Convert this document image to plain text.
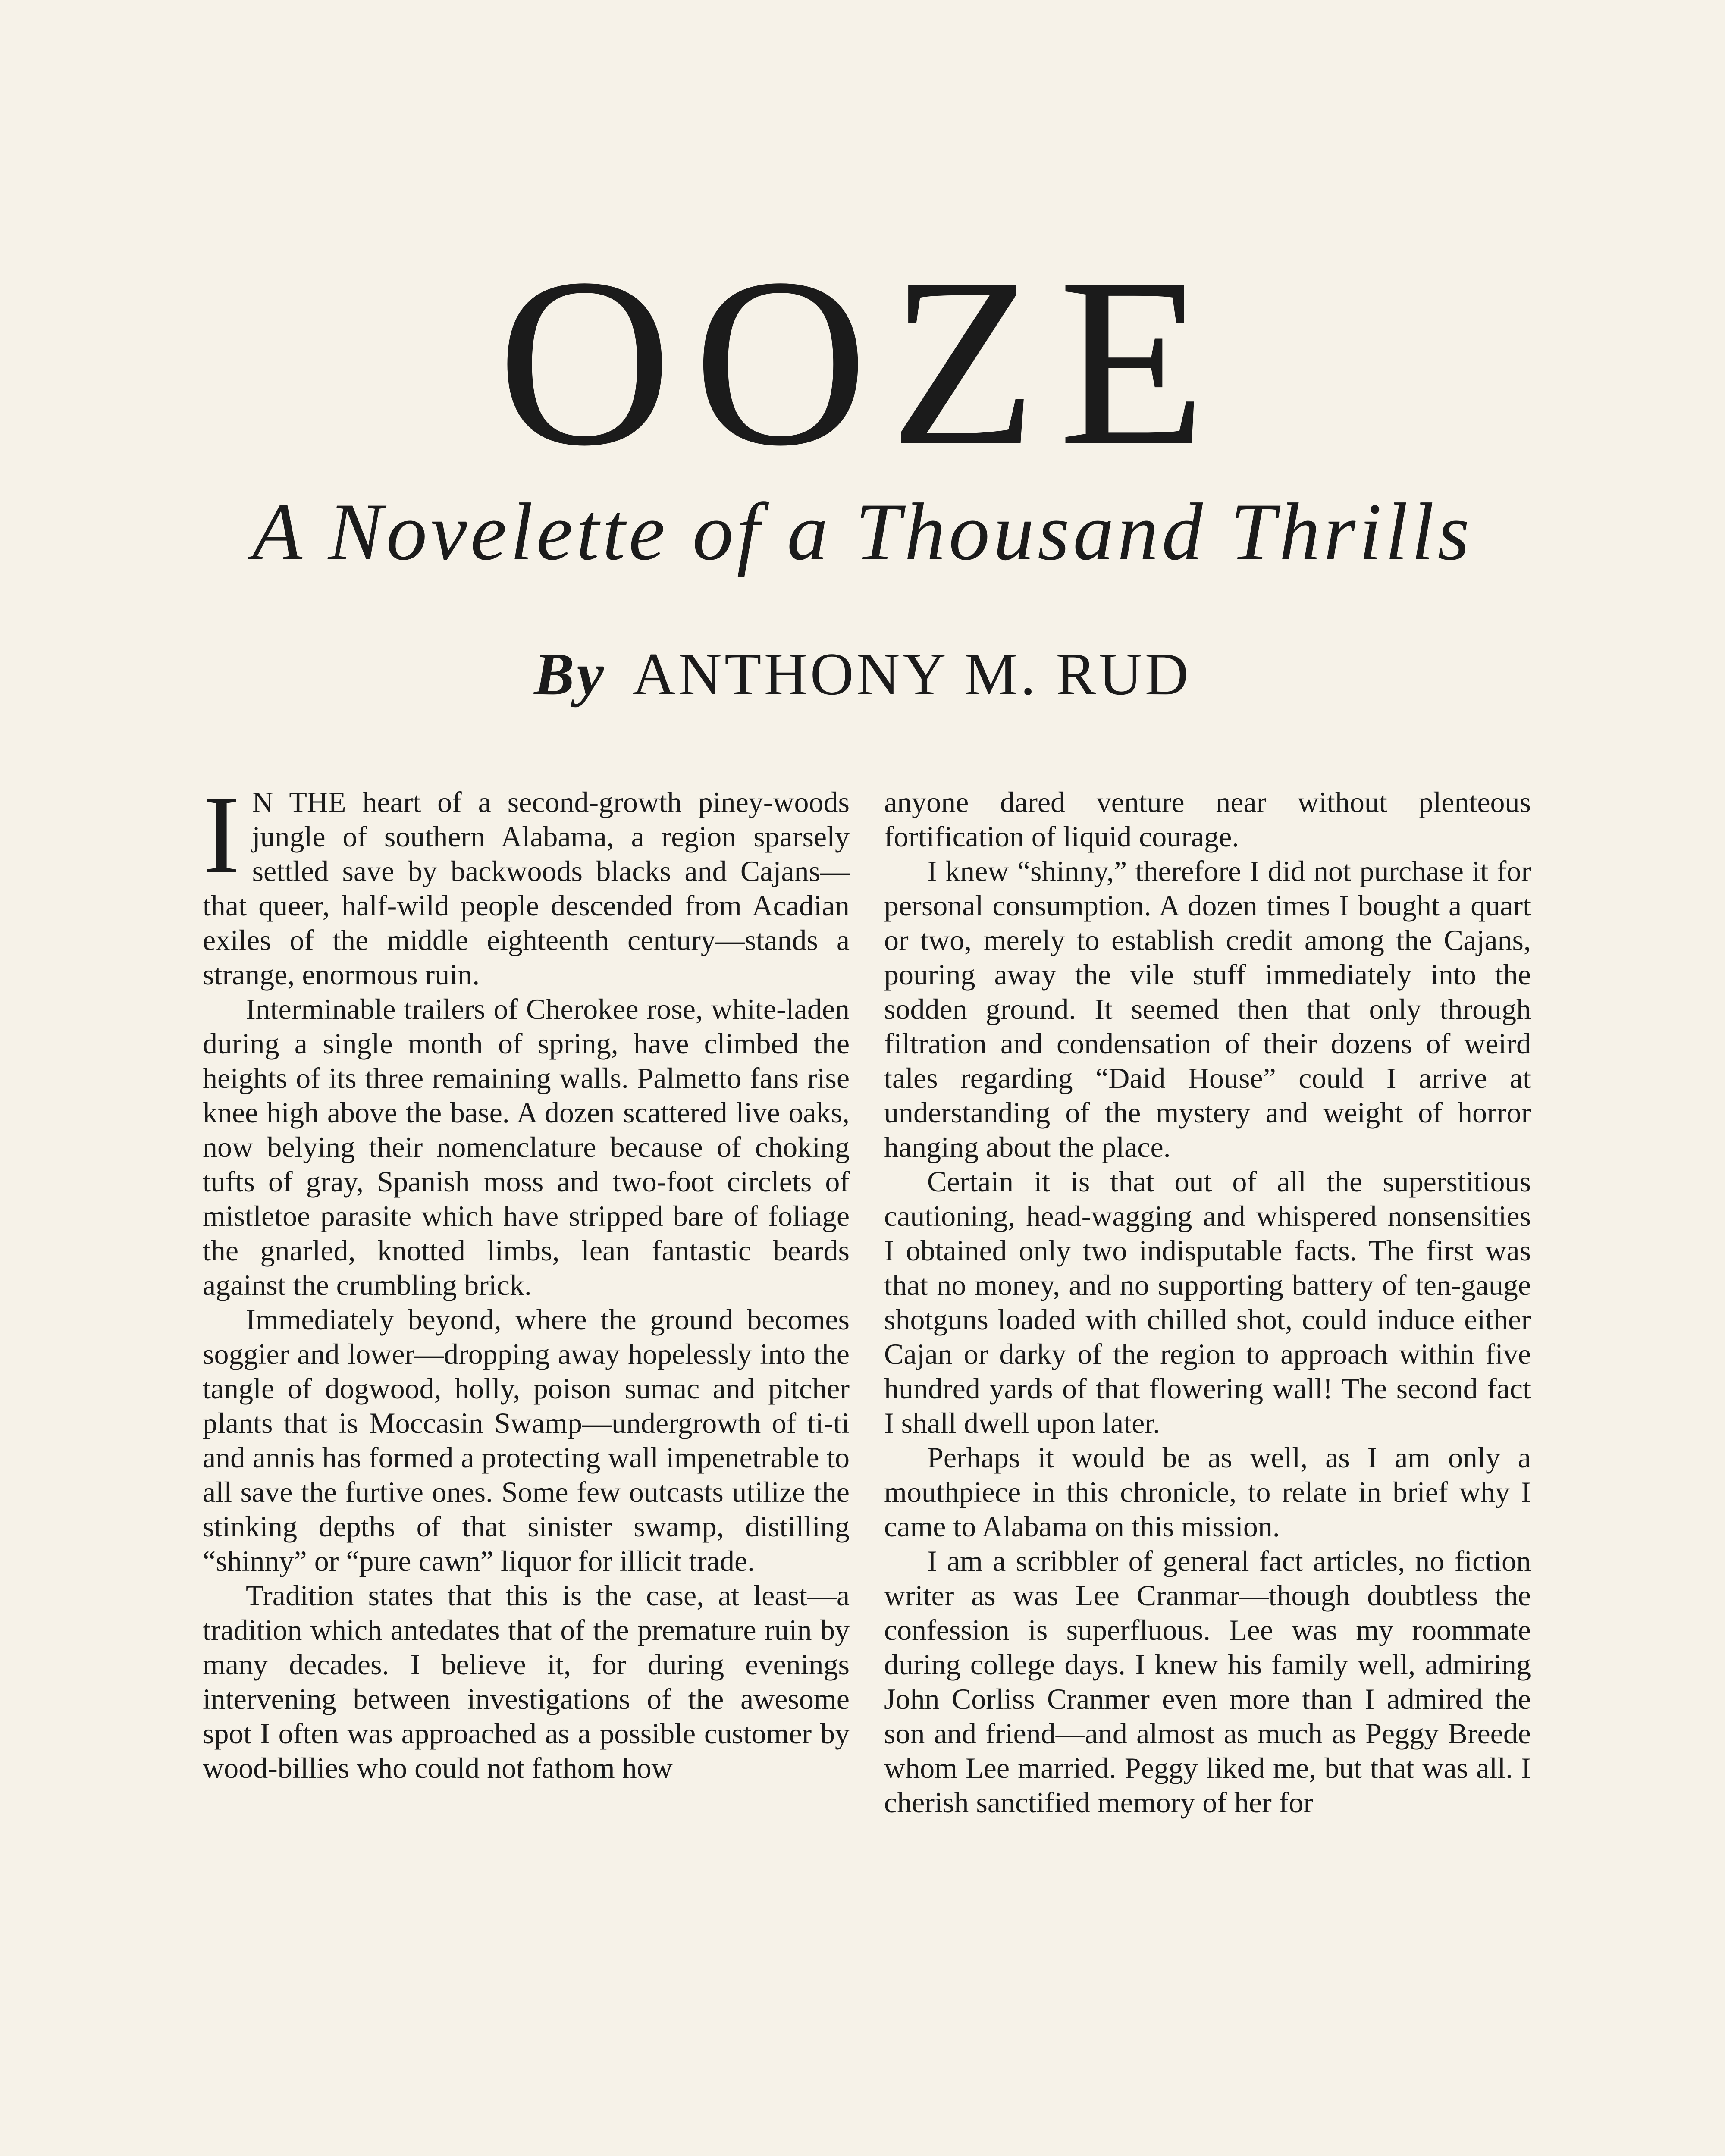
OOZE
A Novelette of a Thousand Thrills
By ANTHONY M. RUD

I N THE heart of a second-growth piney-woods jungle of southern Alabama, a region sparsely settled save by backwoods blacks and Cajans—that queer, half-wild people descended from Acadian exiles of the middle eighteenth century—stands a strange, enormous ruin.

Interminable trailers of Cherokee rose, white-laden during a single month of spring, have climbed the heights of its three remaining walls. Palmetto fans rise knee high above the base. A dozen scattered live oaks, now belying their nomenclature because of choking tufts of gray, Spanish moss and two-foot circlets of mistletoe parasite which have stripped bare of foliage the gnarled, knotted limbs, lean fantastic beards against the crumbling brick.

Immediately beyond, where the ground becomes soggier and lower—dropping away hopelessly into the tangle of dogwood, holly, poison sumac and pitcher plants that is Moccasin Swamp—undergrowth of ti-ti and annis has formed a protecting wall impenetrable to all save the furtive ones. Some few outcasts utilize the stinking depths of that sinister swamp, distilling “shinny” or “pure cawn” liquor for illicit trade.

Tradition states that this is the case, at least—a tradition which antedates that of the premature ruin by many decades. I believe it, for during evenings intervening between investigations of the awesome spot I often was approached as a possible customer by wood-billies who could not fathom how

anyone dared venture near without plenteous fortification of liquid courage.

I knew “shinny,” therefore I did not purchase it for personal consumption. A dozen times I bought a quart or two, merely to establish credit among the Cajans, pouring away the vile stuff immediately into the sodden ground. It seemed then that only through filtration and condensation of their dozens of weird tales regarding “Daid House” could I arrive at understanding of the mystery and weight of horror hanging about the place.

Certain it is that out of all the superstitious cautioning, head-wagging and whispered nonsensities I obtained only two indisputable facts. The first was that no money, and no supporting battery of ten-gauge shotguns loaded with chilled shot, could induce either Cajan or darky of the region to approach within five hundred yards of that flowering wall! The second fact I shall dwell upon later.

Perhaps it would be as well, as I am only a mouthpiece in this chronicle, to relate in brief why I came to Alabama on this mission.

I am a scribbler of general fact articles, no fiction writer as was Lee Cranmar—though doubtless the confession is superfluous. Lee was my roommate during college days. I knew his family well, admiring John Corliss Cranmer even more than I admired the son and friend—and almost as much as Peggy Breede whom Lee married. Peggy liked me, but that was all. I cherish sanctified memory of her for
